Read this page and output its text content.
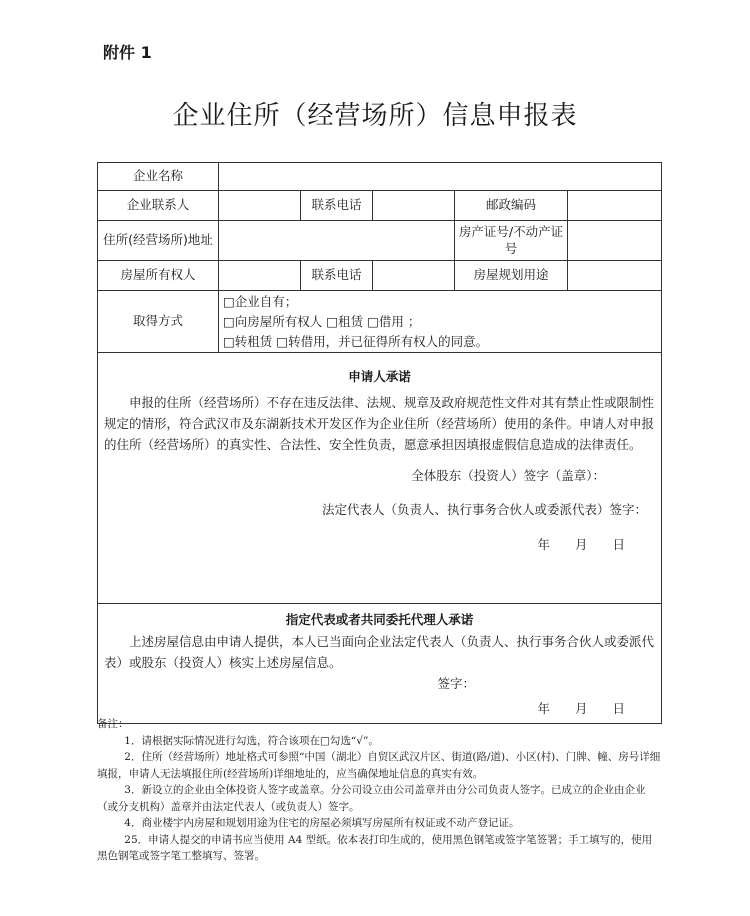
附件 1
企业住所（经营场所）信息申报表
企业名称					
企业联系人		联系电话		邮政编码	
住所(经营场所)地址				房产证号/不动产证号	
房屋所有权人		联系电话		房屋规划用途	
取得方式	□企业自有；
□向房屋所有权人 □租赁 □借用 ；
□转租赁 □转借用，并已征得所有权人的同意。				

申请人承诺

申报的住所（经营场所）不存在违反法律、法规、规章及政府规范性文件对其有禁止性或限制性规定的情形，符合武汉市及东湖新技术开发区作为企业住所（经营场所）使用的条件。申请人对申报的住所（经营场所）的真实性、合法性、安全性负责，愿意承担因填报虚假信息造成的法律责任。

全体股东（投资人）签字（盖章）：
法定代表人（负责人、执行事务合伙人或委派代表）签字：
年　　月　　日					

指定代表或者共同委托代理人承诺

上述房屋信息由申请人提供，本人已当面向企业法定代表人（负责人、执行事务合伙人或委派代表）或股东（投资人）核实上述房屋信息。

签字：
年　　月　　日					

备注：

1．请根据实际情况进行勾选，符合该项在□勾选“√”。

2．住所（经营场所）地址格式可参照“中国（湖北）自贸区武汉片区、街道(路/道)、小区(村)、门牌、幢、房号详细填报，申请人无法填报住所(经营场所)详细地址的，应当确保地址信息的真实有效。

3．新设立的企业由全体投资人签字或盖章。分公司设立由公司盖章并由分公司负责人签字。已成立的企业由企业（或分支机构）盖章并由法定代表人（或负责人）签字。

4．商业楼宇内房屋和规划用途为住宅的房屋必须填写房屋所有权证或不动产登记证。

25．申请人提交的申请书应当使用 A4 型纸。依本表打印生成的，使用黑色钢笔或签字笔签署；手工填写的，使用黑色钢笔或签字笔工整填写、签署。
